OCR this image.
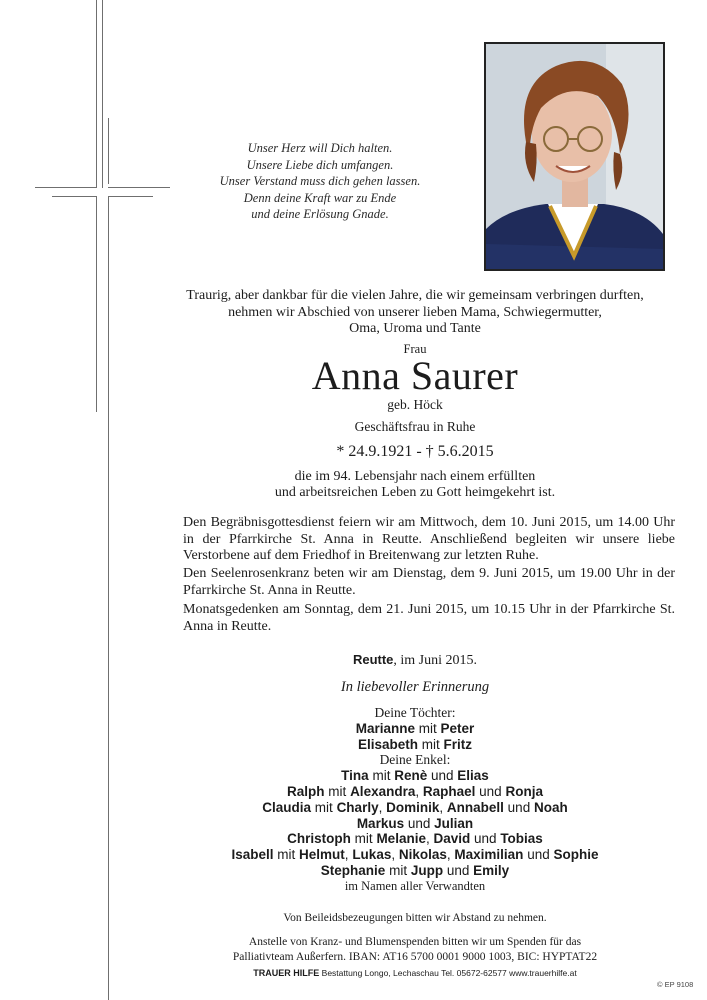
Unser Herz will Dich halten.
Unsere Liebe dich umfangen.
Unser Verstand muss dich gehen lassen.
Denn deine Kraft war zu Ende
und deine Erlösung Gnade.
Traurig, aber dankbar für die vielen Jahre, die wir gemeinsam verbringen durften,
nehmen wir Abschied von unserer lieben Mama, Schwiegermutter,
Oma, Uroma und Tante
Frau
Anna Saurer
geb. Höck
Geschäftsfrau in Ruhe
* 24.9.1921 - † 5.6.2015
die im 94. Lebensjahr nach einem erfüllten
und arbeitsreichen Leben zu Gott heimgekehrt ist.
Den Begräbnisgottesdienst feiern wir am Mittwoch, dem 10. Juni 2015, um 14.00 Uhr in der Pfarrkirche St. Anna in Reutte. Anschließend begleiten wir unsere liebe Verstorbene auf dem Friedhof in Breitenwang zur letzten Ruhe.
Den Seelenrosenkranz beten wir am Dienstag, dem 9. Juni 2015, um 19.00 Uhr in der Pfarrkirche St. Anna in Reutte.
Monatsgedenken am Sonntag, dem 21. Juni 2015, um 10.15 Uhr in der Pfarrkirche St. Anna in Reutte.
Reutte, im Juni 2015.
In liebevoller Erinnerung
Deine Töchter:
Marianne mit Peter
Elisabeth mit Fritz
Deine Enkel:
Tina mit Renè und Elias
Ralph mit Alexandra, Raphael und Ronja
Claudia mit Charly, Dominik, Annabell und Noah
Markus und Julian
Christoph mit Melanie, David und Tobias
Isabell mit Helmut, Lukas, Nikolas, Maximilian und Sophie
Stephanie mit Jupp und Emily
im Namen aller Verwandten
Von Beileidsbezeugungen bitten wir Abstand zu nehmen.
Anstelle von Kranz- und Blumenspenden bitten wir um Spenden für das
Palliativteam Außerfern. IBAN: AT16 5700 0001 9000 1003, BIC: HYPTAT22
TRAUER HILFE Bestattung Longo, Lechaschau Tel. 05672-62577 www.trauerhilfe.at
© EP 9108
